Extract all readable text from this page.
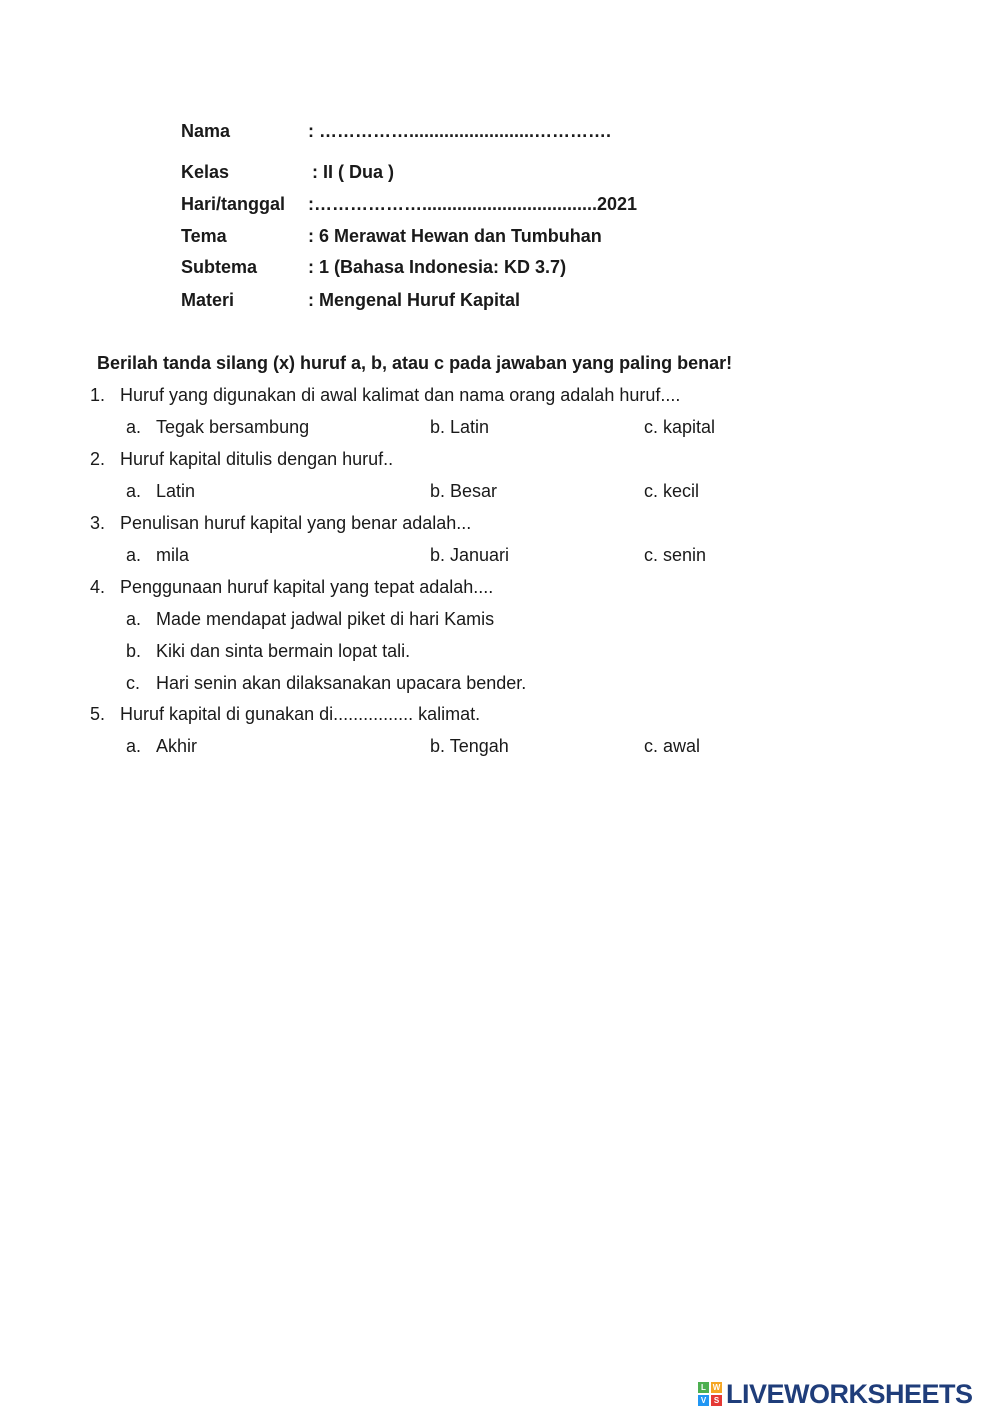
Nama	: …………….........................………….
Kelas	: II ( Dua )
Hari/tanggal :………………...................................2021
Tema	: 6 Merawat Hewan dan Tumbuhan
Subtema	: 1 (Bahasa Indonesia: KD 3.7)
Materi	: Mengenal Huruf Kapital
Berilah tanda silang (x) huruf a, b, atau c pada jawaban yang paling benar!
1. Huruf yang digunakan di awal kalimat dan nama orang adalah huruf....
a. Tegak bersambung	b. Latin	c. kapital
2. Huruf kapital ditulis dengan huruf..
a. Latin	b. Besar	c. kecil
3. Penulisan huruf kapital yang benar adalah...
a. mila	b. Januari	c. senin
4. Penggunaan huruf kapital yang tepat adalah....
a. Made mendapat jadwal piket di hari Kamis
b. Kiki dan sinta bermain lopat tali.
c. Hari senin akan dilaksanakan upacara bender.
5. Huruf kapital di gunakan di................ kalimat.
a. Akhir	b. Tengah	c. awal
L W
V S LIVEWORKSHEETS
